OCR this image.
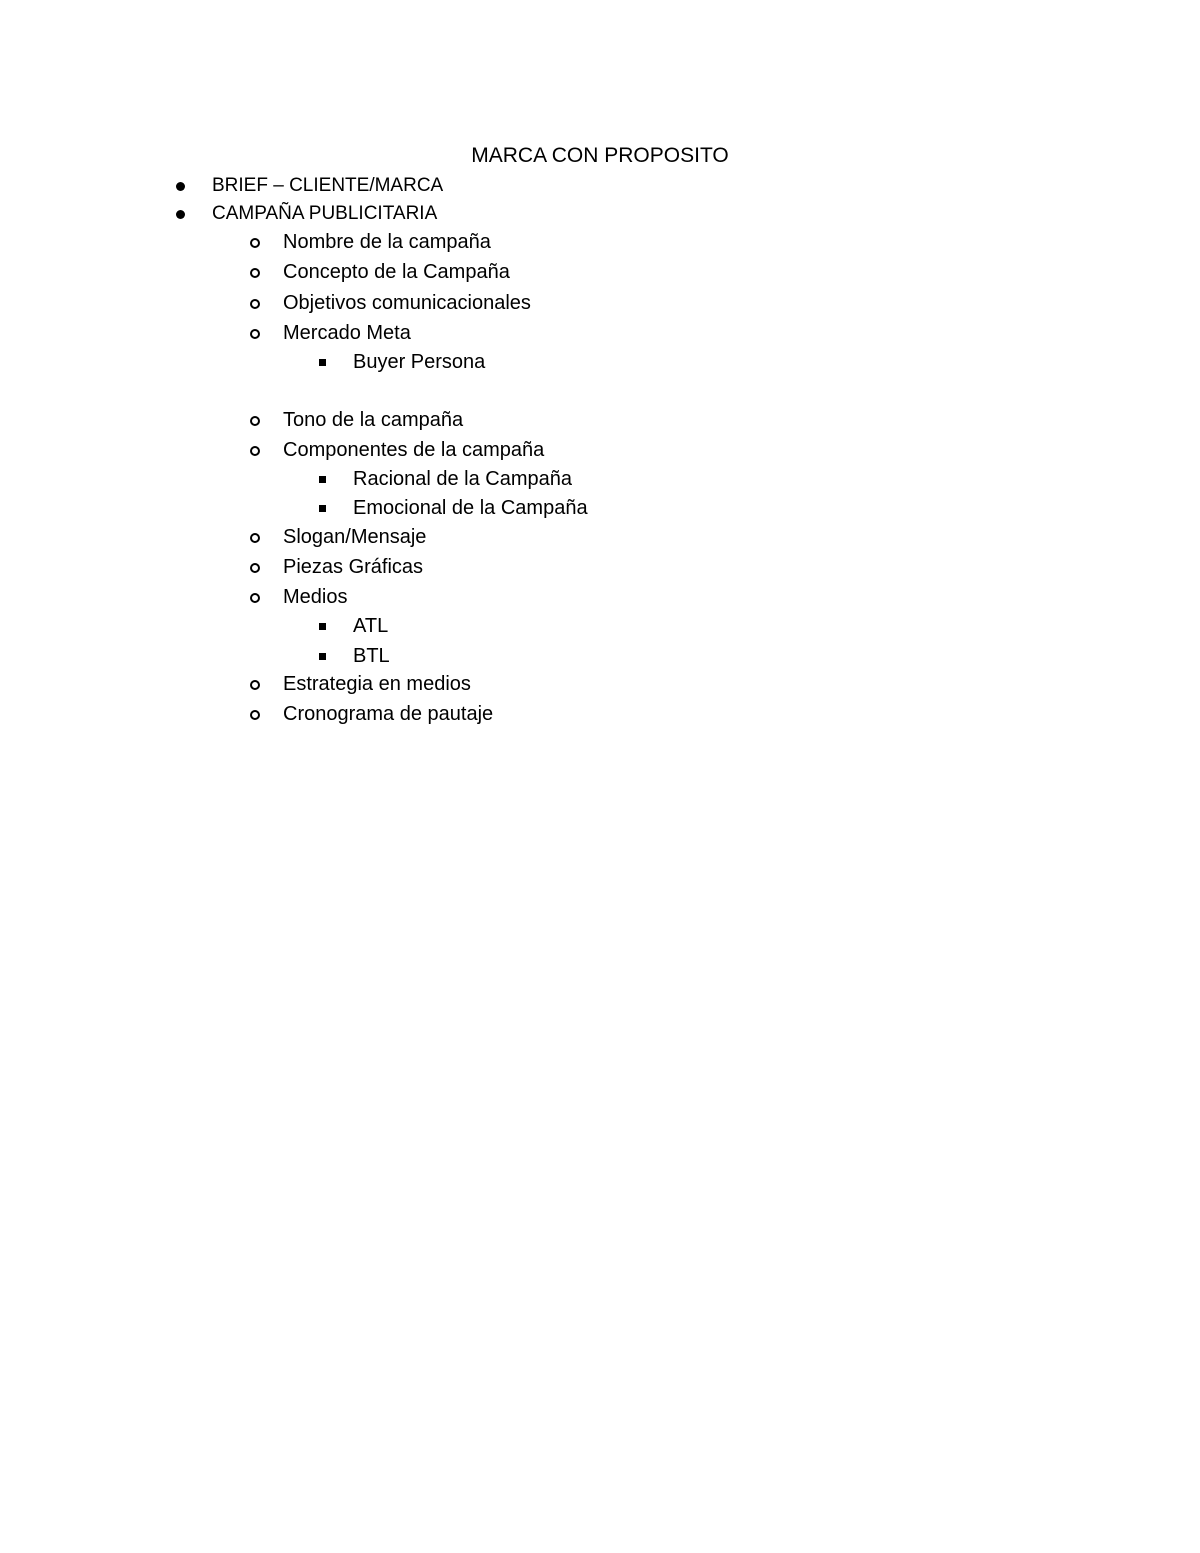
MARCA CON PROPOSITO
BRIEF – CLIENTE/MARCA
CAMPAÑA PUBLICITARIA
Nombre de la campaña
Concepto de la Campaña
Objetivos comunicacionales
Mercado Meta
Buyer Persona
Tono de la campaña
Componentes de la campaña
Racional de la Campaña
Emocional de la Campaña
Slogan/Mensaje
Piezas Gráficas
Medios
ATL
BTL
Estrategia en medios
Cronograma de pautaje
